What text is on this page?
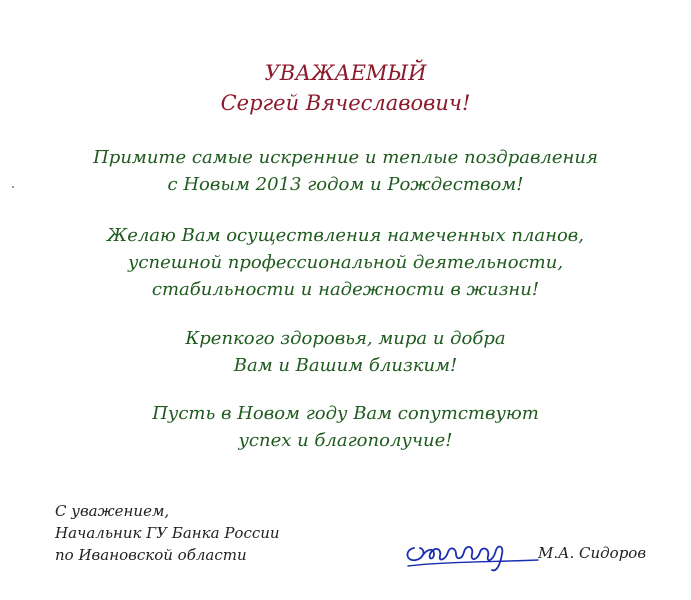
УВАЖАЕМЫЙ
Сергей Вячеславович!
Примите самые искренние и теплые поздравления
с Новым 2013 годом и Рождеством!
Желаю Вам осуществления намеченных планов,
успешной профессиональной деятельности,
стабильности и надежности в жизни!
Крепкого здоровья, мира и добра
Вам и Вашим близким!
Пусть в Новом году Вам сопутствуют
успех и благополучие!
С уважением,
Начальник ГУ Банка России
по Ивановской области	М.А. Сидоров
